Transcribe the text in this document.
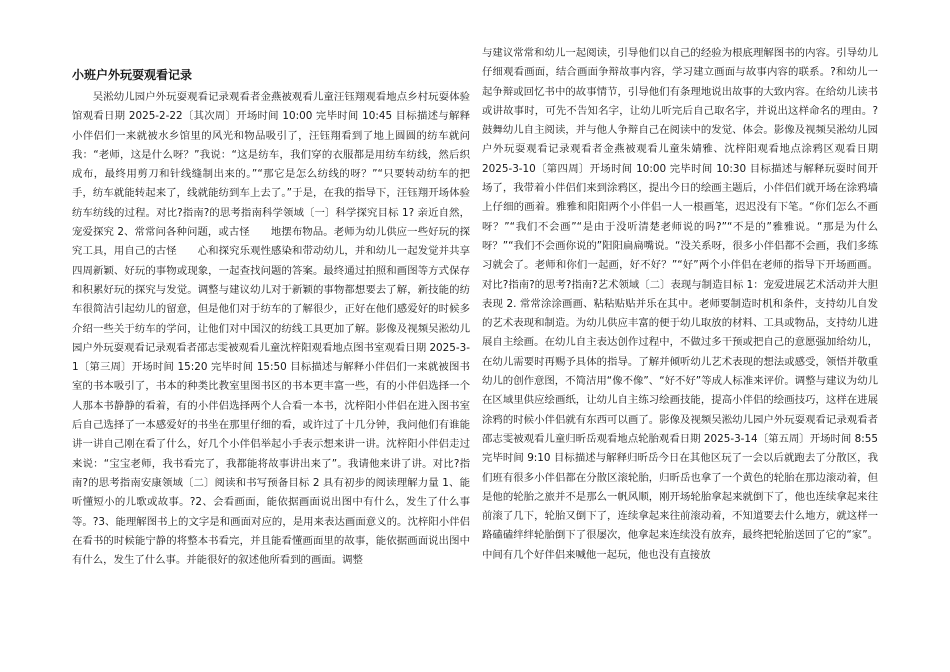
小班户外玩耍观看记录

吴淞幼儿园户外玩耍观看记录观看者金燕被观看儿童汪钰翔观看地点乡村玩耍体验馆观看日期 2025-2-22〔其次周〕开场时间 10:00 完毕时间 10:45 目标描述与解释小伴侣们一来就被水乡馆里的风光和物品吸引了，汪钰翔看到了地上圆圆的纺车就问我：“老师，这是什么呀？”我说：“这是纺车，我们穿的衣服都是用纺车纺线，然后织成布，最终用剪刀和针线缝制出来的。”“那它是怎么纺线的呀？”“只要转动纺车的把手，纺车就能转起来了，线就能纺到车上去了。”于是，在我的指导下，汪钰翔开场体验纺车纺线的过程。对比?指南?的思考指南科学领域〔一〕科学探究目标 1? 亲近自然，宠爱探究 2、常常问各种问题，或古怪　　地摆布物品。老师为幼儿供应一些好玩的探究工具，用自己的古怪　　心和探究乐观性感染和带动幼儿，并和幼儿一起发觉并共享四周新颖、好玩的事物或现象，一起查找问题的答案。最终通过拍照和画图等方式保存和积累好玩的探究与发觉。调整与建议幼儿对于新颖的事物都想要去了解，新技能的纺车很简洁引起幼儿的留意，但是他们对于纺车的了解很少，正好在他们感爱好的时候多介绍一些关于纺车的学问，让他们对中国汉的纺线工具更加了解。影像及视频吴淞幼儿园户外玩耍观看记录观看者邵志雯被观看儿童沈梓阳观看地点图书室观看日期 2025-3-1〔第三周〕开场时间 15:20 完毕时间 15:50 目标描述与解释小伴侣们一来就被图书室的书本吸引了，书本的种类比教室里图书区的书本更丰富一些，有的小伴侣选择一个人那本书静静的看着，有的小伴侣选择两个人合看一本书，沈梓阳小伴侣在进入图书室后自己选择了一本感爱好的书坐在那里仔细的看，或许过了十几分钟，我问他们有谁能讲一讲自己刚在看了什么，好几个小伴侣举起小手表示想来讲一讲。沈梓阳小伴侣走过来说：“宝宝老师，我书看完了，我都能将故事讲出来了”。我请他来讲了讲。对比?指南?的思考指南安康领域〔二〕阅读和书写预备目标 2 具有初步的阅读理解力量 1、能听懂短小的儿歌或故事。?2、会看画面，能依据画面说出图中有什么，发生了什么事等。?3、能理解图书上的文字是和画面对应的，是用来表达画面意义的。沈梓阳小伴侣在看书的时候能宁静的将整本书看完，并且能看懂画面里的故事，能依据画面说出图中有什么，发生了什么事。并能很好的叙述他所看到的画面。调整

与建议常常和幼儿一起阅读，引导他们以自己的经验为根底理解图书的内容。引导幼儿仔细观看画面，结合画面争辩故事内容，学习建立画面与故事内容的联系。?和幼儿一起争辩或回忆书中的故事情节，引导他们有条理地说出故事的大致内容。在给幼儿读书或讲故事时，可先不告知名字，让幼儿听完后自己取名字，并说出这样命名的理由。?鼓舞幼儿自主阅读，并与他人争辩自己在阅读中的发觉、体会。影像及视频吴淞幼儿园户外玩耍观看记录观看者金燕被观看儿童朱婧雅、沈梓阳观看地点涂鸦区观看日期 2025-3-10〔第四周〕开场时间 10:00 完毕时间 10:30 目标描述与解释玩耍时间开场了，我带着小伴侣们来到涂鸦区，提出今日的绘画主题后，小伴侣们就开场在涂鸦墙上仔细的画着。雅雅和阳阳两个小伴侣一人一根画笔，迟迟没有下笔。“你们怎么不画呀？”“我们不会画”“是由于没听清楚老师说的吗?”“不是的”雅雅说。“那是为什么呀？”“我们不会画你说的”阳阳扁扁嘴说。“没关系呀，很多小伴侣都不会画，我们多练习就会了。老师和你们一起画，好不好？”“好”两个小伴侣在老师的指导下开场画画。对比?指南?的思考?指南?艺术领域〔二〕表现与制造目标 1：宠爱进展艺术活动并大胆表现 2. 常常涂涂画画、粘粘贴贴并乐在其中。老师要制造时机和条件，支持幼儿自发的艺术表现和制造。为幼儿供应丰富的便于幼儿取放的材料、工具或物品，支持幼儿进展自主绘画。在幼儿自主表达创作过程中，不做过多干预或把自己的意愿强加给幼儿，在幼儿需要时再赐予具体的指导。了解并倾听幼儿艺术表现的想法或感受，领悟并敬重幼儿的创作意图，不简洁用“像不像”、“好不好”等成人标准来评价。调整与建议为幼儿在区域里供应绘画纸，让幼儿自主练习绘画技能，提高小伴侣的绘画技巧，这样在进展涂鸦的时候小伴侣就有东西可以画了。影像及视频吴淞幼儿园户外玩耍观看记录观看者邵志雯被观看儿童归昕岳观看地点轮胎观看日期 2025-3-14〔第五周〕开场时间 8:55 完毕时间 9:10 目标描述与解释归昕岳今日在其他区玩了一会以后就跑去了分散区，我们班有很多小伴侣都在分散区滚轮胎，归昕岳也拿了一个黄色的轮胎在那边滚动着，但是他的轮胎之旅并不是那么一帆风顺，刚开场轮胎拿起来就倒下了，他也连续拿起来往前滚了几下，轮胎又倒下了，连续拿起来往前滚动着，不知道要去什么地方，就这样一路磕磕绊绊轮胎倒下了很屡次，他拿起来连续没有放弃，最终把轮胎送回了它的“家”。中间有几个好伴侣来喊他一起玩，他也没有直接放
